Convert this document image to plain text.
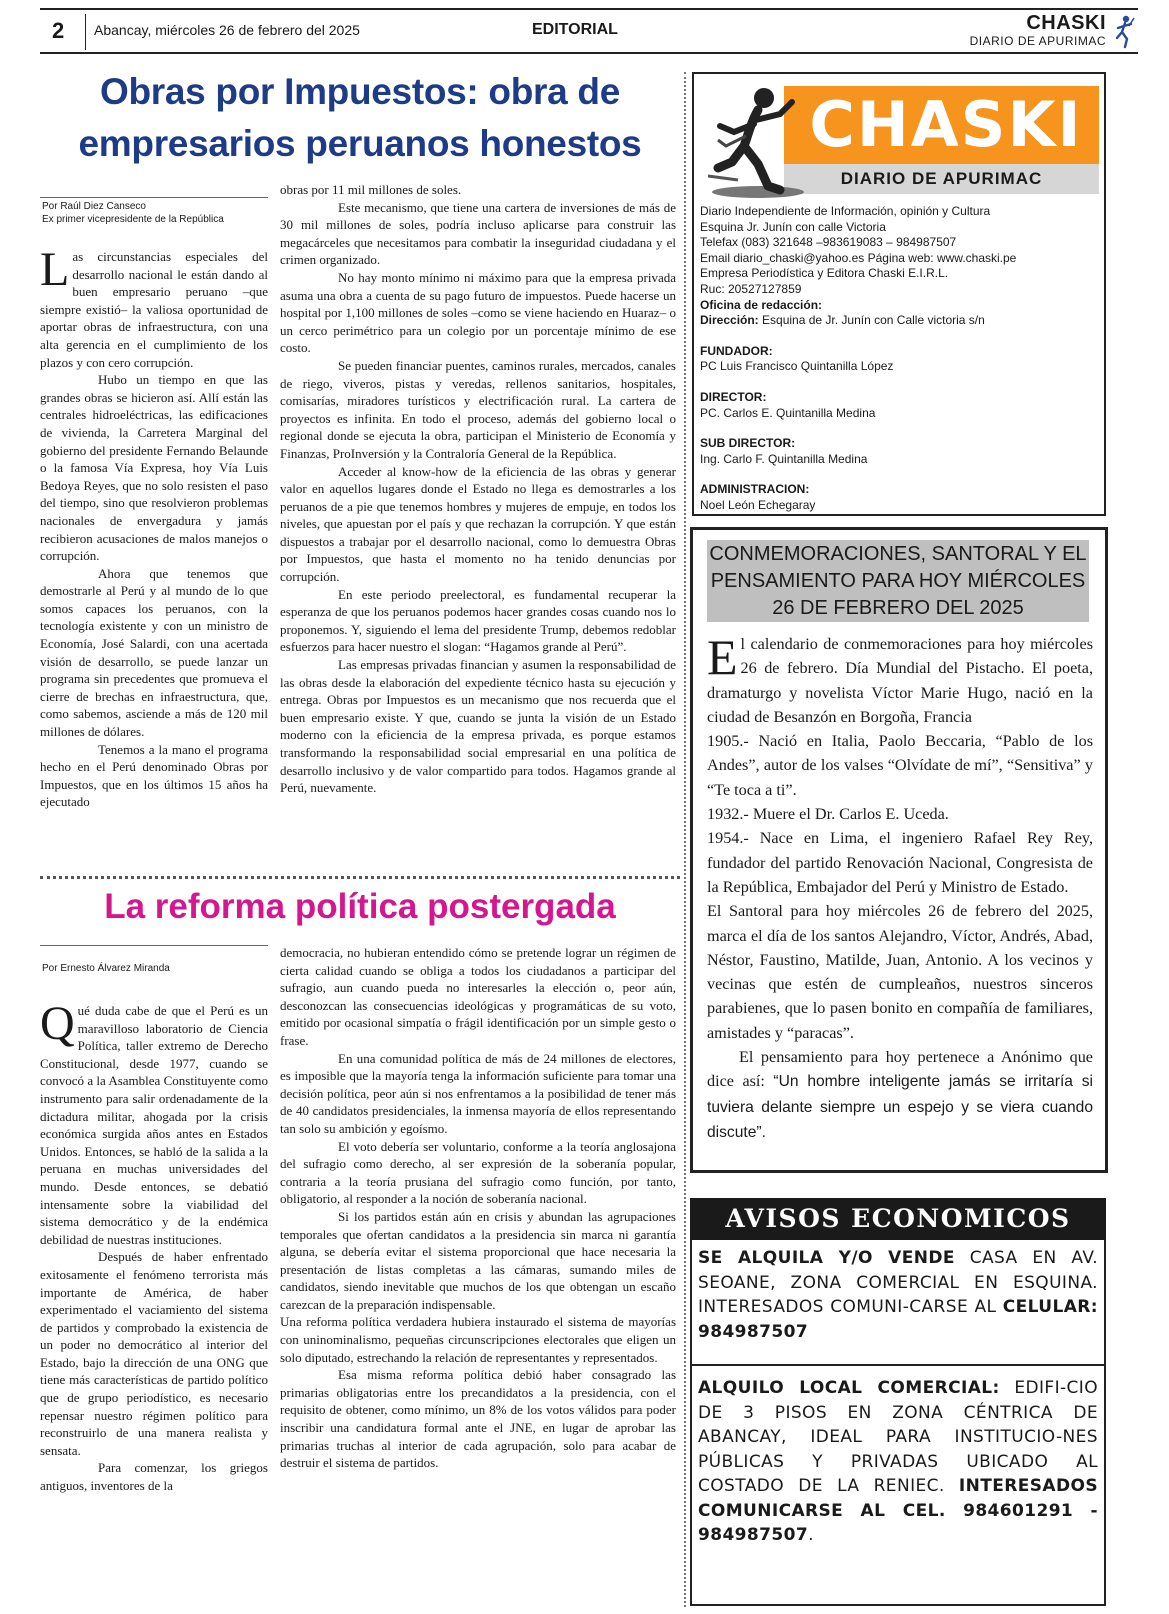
2 Abancay, miércoles 26 de febrero del 2025	EDITORIAL	CHASKI
DIARIO DE APURIMAC
Obras por Impuestos: obra de empresarios peruanos honestos
Por Raúl Diez Canseco
Ex primer vicepresidente de la República

Las circunstancias especiales del desarrollo nacional le están dando al buen empresario peruano –que siempre existió– la valiosa oportunidad de aportar obras de infraestructura, con una alta gerencia en el cumplimiento de los plazos y con cero corrupción.

Hubo un tiempo en que las grandes obras se hicieron así. Allí están las centrales hidroeléctricas, las edificaciones de vivienda, la Carretera Marginal del gobierno del presidente Fernando Belaunde o la famosa Vía Expresa, hoy Vía Luis Bedoya Reyes, que no solo resisten el paso del tiempo, sino que resolvieron problemas nacionales de envergadura y jamás recibieron acusaciones de malos manejos o corrupción.

Ahora que tenemos que demostrarle al Perú y al mundo de lo que somos capaces los peruanos, con la tecnología existente y con un ministro de Economía, José Salardi, con una acertada visión de desarrollo, se puede lanzar un programa sin precedentes que promueva el cierre de brechas en infraestructura, que, como sabemos, asciende a más de 120 mil millones de dólares.

Tenemos a la mano el programa hecho en el Perú denominado Obras por Impuestos, que en los últimos 15 años ha ejecutado

obras por 11 mil millones de soles.

Este mecanismo, que tiene una cartera de inversiones de más de 30 mil millones de soles, podría incluso aplicarse para construir las megacárceles que necesitamos para combatir la inseguridad ciudadana y el crimen organizado.

No hay monto mínimo ni máximo para que la empresa privada asuma una obra a cuenta de su pago futuro de impuestos. Puede hacerse un hospital por 1,100 millones de soles –como se viene haciendo en Huaraz– o un cerco perimétrico para un colegio por un porcentaje mínimo de ese costo.

Se pueden financiar puentes, caminos rurales, mercados, canales de riego, viveros, pistas y veredas, rellenos sanitarios, hospitales, comisarías, miradores turísticos y electrificación rural. La cartera de proyectos es infinita. En todo el proceso, además del gobierno local o regional donde se ejecuta la obra, participan el Ministerio de Economía y Finanzas, ProInversión y la Contraloría General de la República.

Acceder al know-how de la eficiencia de las obras y generar valor en aquellos lugares donde el Estado no llega es demostrarles a los peruanos de a pie que tenemos hombres y mujeres de empuje, en todos los niveles, que apuestan por el país y que rechazan la corrupción. Y que están dispuestos a trabajar por el desarrollo nacional, como lo demuestra Obras por Impuestos, que hasta el momento no ha tenido denuncias por corrupción.

En este periodo preelectoral, es fundamental recuperar la esperanza de que los peruanos podemos hacer grandes cosas cuando nos lo proponemos. Y, siguiendo el lema del presidente Trump, debemos redoblar esfuerzos para hacer nuestro el slogan: “Hagamos grande al Perú”.

Las empresas privadas financian y asumen la responsabilidad de las obras desde la elaboración del expediente técnico hasta su ejecución y entrega. Obras por Impuestos es un mecanismo que nos recuerda que el buen empresario existe. Y que, cuando se junta la visión de un Estado moderno con la eficiencia de la empresa privada, es porque estamos transformando la responsabilidad social empresarial en una política de desarrollo inclusivo y de valor compartido para todos. Hagamos grande al Perú, nuevamente.

La reforma política postergada
Por Ernesto Álvarez Miranda

Qué duda cabe de que el Perú es un maravilloso laboratorio de Ciencia Política, taller extremo de Derecho Constitucional, desde 1977, cuando se convocó a la Asamblea Constituyente como instrumento para salir ordenadamente de la dictadura militar, ahogada por la crisis económica surgida años antes en Estados Unidos. Entonces, se habló de la salida a la peruana en muchas universidades del mundo. Desde entonces, se debatió intensamente sobre la viabilidad del sistema democrático y de la endémica debilidad de nuestras instituciones.

Después de haber enfrentado exitosamente el fenómeno terrorista más importante de América, de haber experimentado el vaciamiento del sistema de partidos y comprobado la existencia de un poder no democrático al interior del Estado, bajo la dirección de una ONG que tiene más características de partido político que de grupo periodístico, es necesario repensar nuestro régimen político para reconstruirlo de una manera realista y sensata.

Para comenzar, los griegos antiguos, inventores de la

democracia, no hubieran entendido cómo se pretende lograr un régimen de cierta calidad cuando se obliga a todos los ciudadanos a participar del sufragio, aun cuando pueda no interesarles la elección o, peor aún, desconozcan las consecuencias ideológicas y programáticas de su voto, emitido por ocasional simpatía o frágil identificación por un simple gesto o frase.

En una comunidad política de más de 24 millones de electores, es imposible que la mayoría tenga la información suficiente para tomar una decisión política, peor aún si nos enfrentamos a la posibilidad de tener más de 40 candidatos presidenciales, la inmensa mayoría de ellos representando tan solo su ambición y egoísmo.

El voto debería ser voluntario, conforme a la teoría anglosajona del sufragio como derecho, al ser expresión de la soberanía popular, contraria a la teoría prusiana del sufragio como función, por tanto, obligatorio, al responder a la noción de soberanía nacional.

Si los partidos están aún en crisis y abundan las agrupaciones temporales que ofertan candidatos a la presidencia sin marca ni garantía alguna, se debería evitar el sistema proporcional que hace necesaria la presentación de listas completas a las cámaras, sumando miles de candidatos, siendo inevitable que muchos de los que obtengan un escaño carezcan de la preparación indispensable.

Una reforma política verdadera hubiera instaurado el sistema de mayorías con uninominalismo, pequeñas circunscripciones electorales que eligen un solo diputado, estrechando la relación de representantes y representados.

Esa misma reforma política debió haber consagrado las primarias obligatorias entre los precandidatos a la presidencia, con el requisito de obtener, como mínimo, un 8% de los votos válidos para poder inscribir una candidatura formal ante el JNE, en lugar de aprobar las primarias truchas al interior de cada agrupación, solo para acabar de destruir el sistema de partidos.

CHASKI
DIARIO DE APURIMAC
Diario Independiente de Información, opinión y Cultura
Esquina Jr. Junín con calle Victoria
Telefax (083) 321648 –983619083 – 984987507
Email diario_chaski@yahoo.es Página web: www.chaski.pe
Empresa Periodística y Editora Chaski E.I.R.L.
Ruc: 20527127859
Oficina de redacción:
Dirección: Esquina de Jr. Junín con Calle victoria s/n
FUNDADOR:
PC Luis Francisco Quintanilla López
DIRECTOR:
PC. Carlos E. Quintanilla Medina
SUB DIRECTOR:
Ing. Carlo F. Quintanilla Medina
ADMINISTRACION:
Noel León Echegaray
CONMEMORACIONES, SANTORAL Y EL
PENSAMIENTO PARA HOY MIÉRCOLES
26 DE FEBRERO DEL 2025

El calendario de conmemoraciones para hoy miércoles 26 de febrero. Día Mundial del Pistacho. El poeta, dramaturgo y novelista Víctor Marie Hugo, nació en la ciudad de Besanzón en Borgoña, Francia

1905.- Nació en Italia, Paolo Beccaria, “Pablo de los Andes”, autor de los valses “Olvídate de mí”, “Sensitiva” y “Te toca a ti”.

1932.- Muere el Dr. Carlos E. Uceda.

1954.- Nace en Lima, el ingeniero Rafael Rey Rey, fundador del partido Renovación Nacional, Congresista de la República, Embajador del Perú y Ministro de Estado.

El Santoral para hoy miércoles 26 de febrero del 2025, marca el día de los santos Alejandro, Víctor, Andrés, Abad, Néstor, Faustino, Matilde, Juan, Antonio. A los vecinos y vecinas que estén de cumpleaños, nuestros sinceros parabienes, que lo pasen bonito en compañía de familiares, amistades y “paracas”.

El pensamiento para hoy pertenece a Anónimo que dice así: “Un hombre inteligente jamás se irritaría si tuviera delante siempre un espejo y se viera cuando discute”.

AVISOS ECONOMICOS
SE ALQUILA Y/O VENDE CASA EN AV. SEOANE, ZONA COMERCIAL EN ESQUINA. INTERESADOS COMUNI-CARSE AL CELULAR: 984987507
ALQUILO LOCAL COMERCIAL: EDIFI-CIO DE 3 PISOS EN ZONA CÉNTRICA DE ABANCAY, IDEAL PARA INSTITUCIO-NES PÚBLICAS Y PRIVADAS UBICADO AL COSTADO DE LA RENIEC. INTERESADOS COMUNICARSE AL CEL. 984601291 - 984987507.
